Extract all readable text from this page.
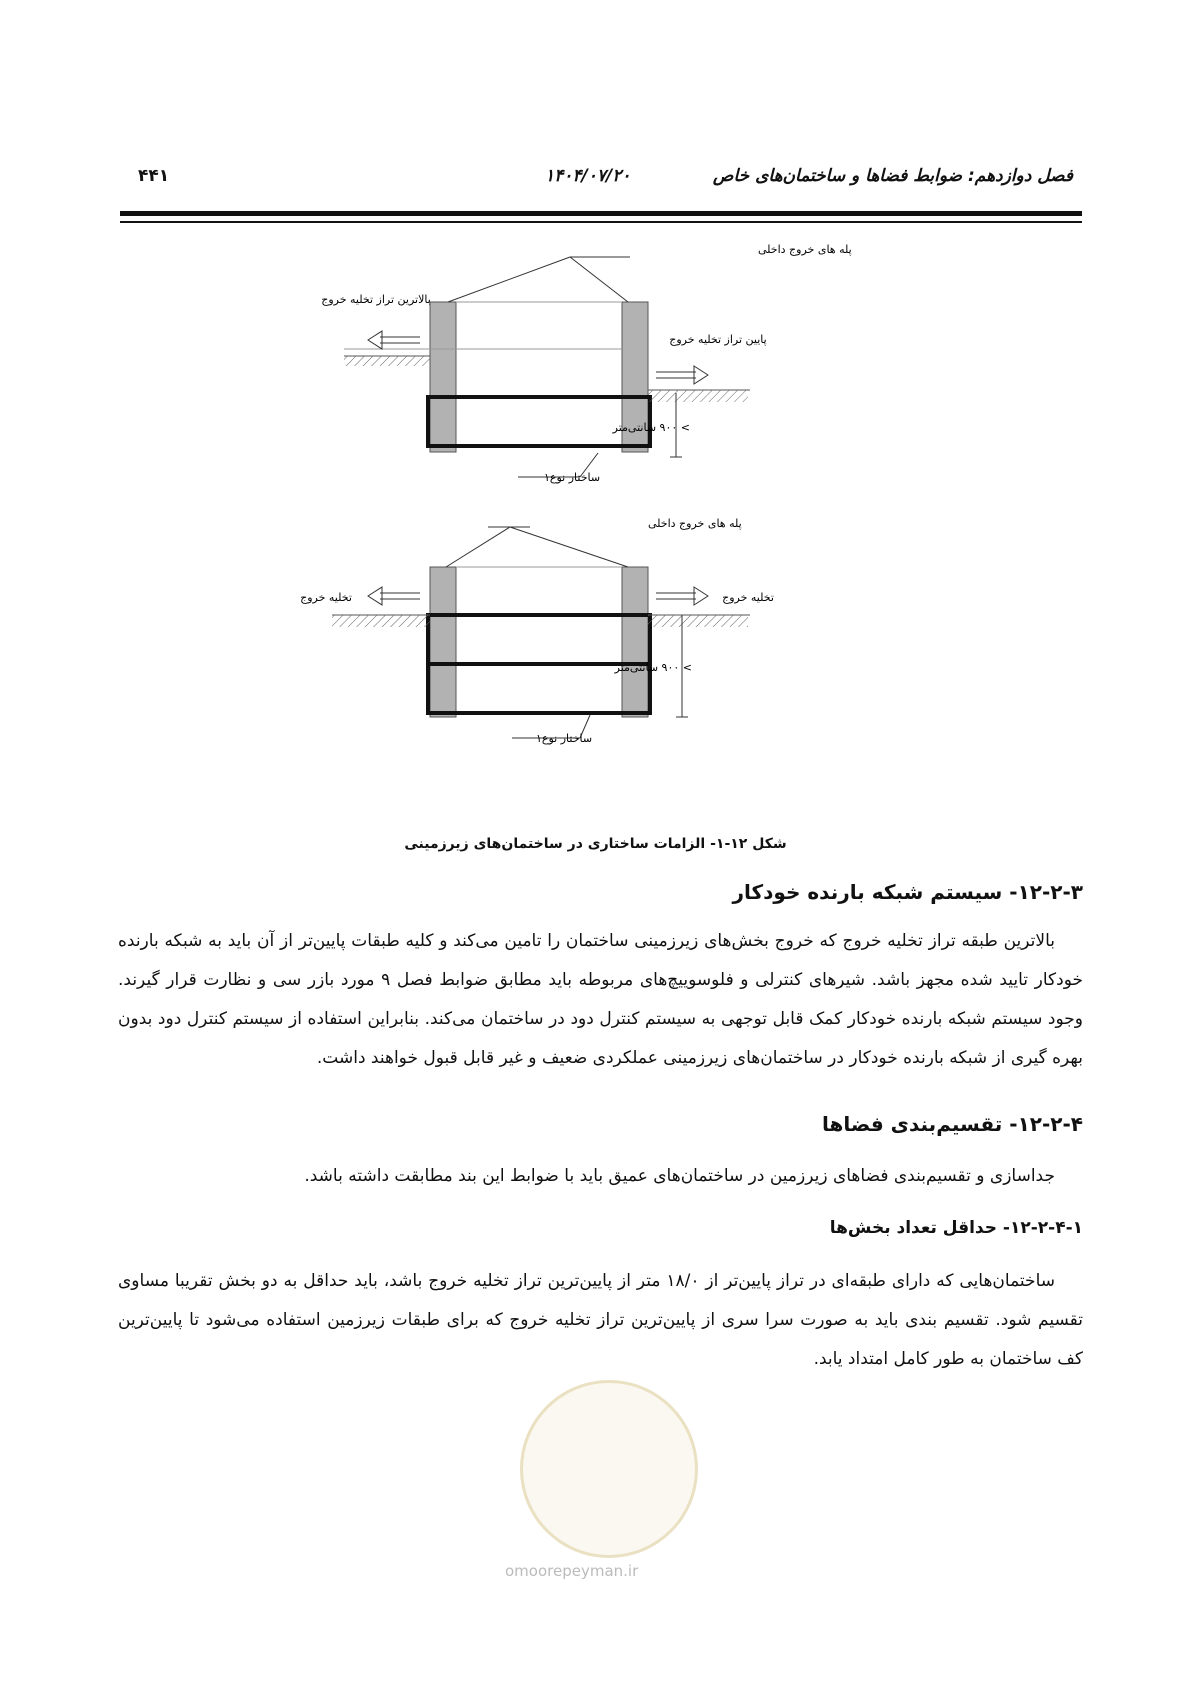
فصل دوازدهم: ضوابط فضاها و ساختمان‌های خاص
۱۴۰۴/۰۷/۲۰
۴۴۱
پله های خروج داخلی
بالاترین تراز تخلیه خروج
پایین تراز تخلیه خروج
> ۹۰۰ سانتی‌متر
ساختار نوع۱
پله های خروج داخلی
تخلیه خروج	تخلیه خروج
> ۹۰۰ سانتی‌متر
ساختار نوع۱
شکل ۱۲-۱- الزامات ساختاری در ساختمان‌های زیرزمینی
۱۲-۲-۳- سیستم شبکه بارنده خودکار

بالاترین طبقه تراز تخلیه خروج که خروج بخش‌های زیرزمینی ساختمان را تامین می‌کند و کلیه طبقات پایین‌تر از آن باید به شبکه بارنده خودکار تایید شده مجهز باشد. شیرهای کنترلی و فلوسوییچ‌های مربوطه باید مطابق ضوابط فصل ۹ مورد بازر سی و نظارت قرار گیرند. وجود سیستم شبکه بارنده خودکار کمک قابل توجهی به سیستم کنترل دود در ساختمان می‌کند. بنابراین استفاده از سیستم کنترل دود بدون بهره گیری از شبکه بارنده خودکار در ساختمان‌های زیرزمینی عملکردی ضعیف و غیر قابل قبول خواهند داشت.

۱۲-۲-۴- تقسیم‌بندی فضاها

جداسازی و تقسیم‌بندی فضاهای زیرزمین در ساختمان‌های عمیق باید با ضوابط این بند مطابقت داشته باشد.

۱۲-۲-۴-۱- حداقل تعداد بخش‌ها

ساختمان‌هایی که دارای طبقه‌ای در تراز پایین‌تر از ۱۸/۰ متر از پایین‌ترین تراز تخلیه خروج باشد، باید حداقل به دو بخش تقریبا مساوی تقسیم شود. تقسیم بندی باید به صورت سرا سری از پایین‌ترین تراز تخلیه خروج که برای طبقات زیرزمین استفاده می‌شود تا پایین‌ترین کف ساختمان به طور کامل امتداد یابد.

omoorepeyman.ir
